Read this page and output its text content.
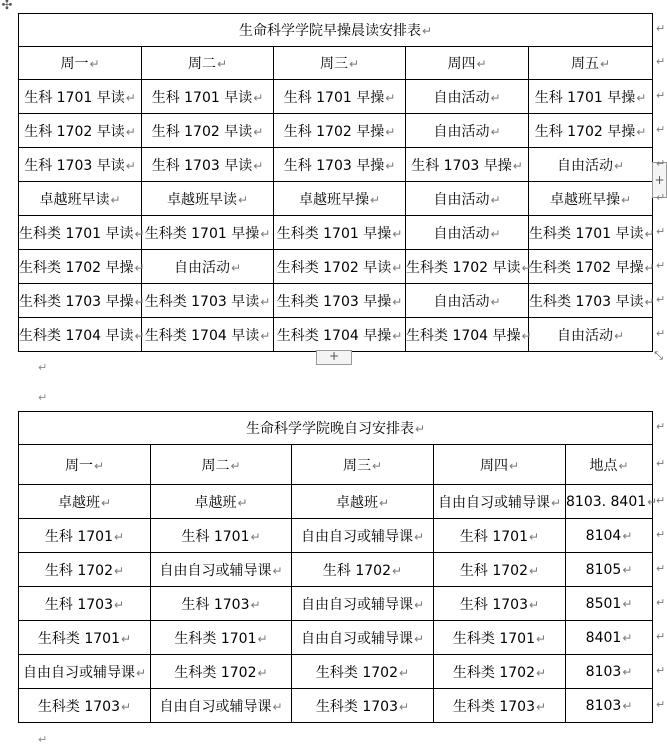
✣
生命科学学院早操晨读安排表↵				
周一↵	周二↵	周三↵	周四↵	周五↵
生科 1701 早读↵	生科 1701 早读↵	生科 1701 早操↵	自由活动↵	生科 1701 早操↵
生科 1702 早读↵	生科 1702 早读↵	生科 1702 早操↵	自由活动↵	生科 1702 早操↵
生科 1703 早读↵	生科 1703 早读↵	生科 1703 早操↵	生科 1703 早操↵	自由活动↵
卓越班早读↵	卓越班早读↵	卓越班早操↵	自由活动↵	卓越班早操↵
生科类 1701 早读↵	生科类 1701 早操↵	生科类 1701 早操↵	自由活动↵	生科类 1701 早读↵
生科类 1702 早操↵	自由活动↵	生科类 1702 早读↵	生科类 1702 早读↵	生科类 1702 早操↵
生科类 1703 早操↵	生科类 1703 早读↵	生科类 1703 早操↵	自由活动↵	生科类 1703 早读↵
生科类 1704 早读↵	生科类 1704 早读↵	生科类 1704 早操↵	生科类 1704 早操↵	自由活动↵
+
+
⤡
↵
↵
生命科学学院晚自习安排表↵				
周一↵	周二↵	周三↵	周四↵	地点↵
卓越班↵	卓越班↵	卓越班↵	自由自习或辅导课↵	8103. 8401↵
生科 1701↵	生科 1701↵	自由自习或辅导课↵	生科 1701↵	8104↵
生科 1702↵	自由自习或辅导课↵	生科 1702↵	生科 1702↵	8105↵
生科 1703↵	生科 1703↵	自由自习或辅导课↵	生科 1703↵	8501↵
生科类 1701↵	生科类 1701↵	自由自习或辅导课↵	生科类 1701↵	8401↵
自由自习或辅导课↵	生科类 1702↵	生科类 1702↵	生科类 1702↵	8103↵
生科类 1703↵	自由自习或辅导课↵	生科类 1703↵	生科类 1703↵	8103↵
↵
↵
↵
↵
↵
↵
↵
↵
↵
↵
↵
↵
↵
↵
↵
↵
↵
↵
↵
↵
